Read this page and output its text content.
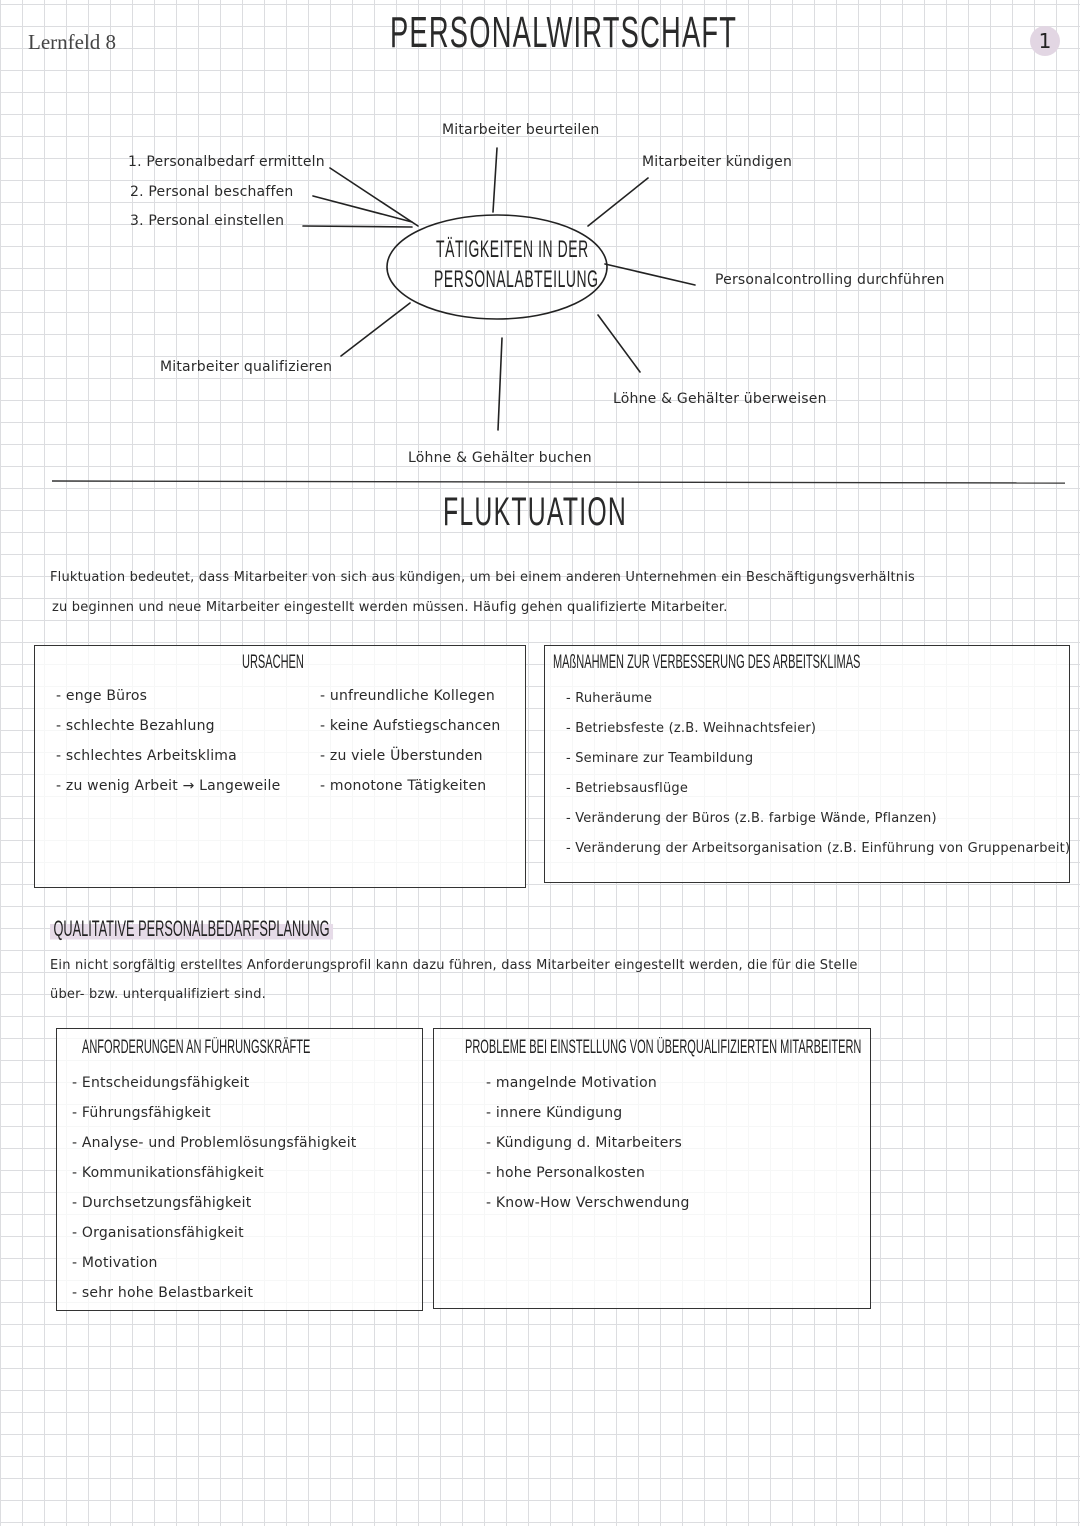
Lernfeld 8	PERSONALWIRTSCHAFT	1
TÄTIGKEITEN IN DER
PERSONALABTEILUNG
1. Personalbedarf ermitteln
2. Personal beschaffen
3. Personal einstellen
Mitarbeiter beurteilen
Mitarbeiter kündigen
Personalcontrolling durchführen
Löhne & Gehälter überweisen
Löhne & Gehälter buchen
Mitarbeiter qualifizieren
FLUKTUATION
Fluktuation bedeutet, dass Mitarbeiter von sich aus kündigen, um bei einem anderen Unternehmen ein Beschäftigungsverhältnis
zu beginnen und neue Mitarbeiter eingestellt werden müssen. Häufig gehen qualifizierte Mitarbeiter.
URSACHEN
- enge Büros
- schlechte Bezahlung
- schlechtes Arbeitsklima
- zu wenig Arbeit → Langeweile
- unfreundliche Kollegen
- keine Aufstiegschancen
- zu viele Überstunden
- monotone Tätigkeiten
MAßNAHMEN ZUR VERBESSERUNG DES ARBEITSKLIMAS
- Ruheräume
- Betriebsfeste (z.B. Weihnachtsfeier)
- Seminare zur Teambildung
- Betriebsausflüge
- Veränderung der Büros (z.B. farbige Wände, Pflanzen)
- Veränderung der Arbeitsorganisation (z.B. Einführung von Gruppenarbeit)
QUALITATIVE PERSONALBEDARFSPLANUNG
Ein nicht sorgfältig erstelltes Anforderungsprofil kann dazu führen, dass Mitarbeiter eingestellt werden, die für die Stelle
über- bzw. unterqualifiziert sind.
ANFORDERUNGEN AN FÜHRUNGSKRÄFTE
- Entscheidungsfähigkeit
- Führungsfähigkeit
- Analyse- und Problemlösungsfähigkeit
- Kommunikationsfähigkeit
- Durchsetzungsfähigkeit
- Organisationsfähigkeit
- Motivation
- sehr hohe Belastbarkeit
PROBLEME BEI EINSTELLUNG VON ÜBERQUALIFIZIERTEN MITARBEITERN
- mangelnde Motivation
- innere Kündigung
- Kündigung d. Mitarbeiters
- hohe Personalkosten
- Know-How Verschwendung
